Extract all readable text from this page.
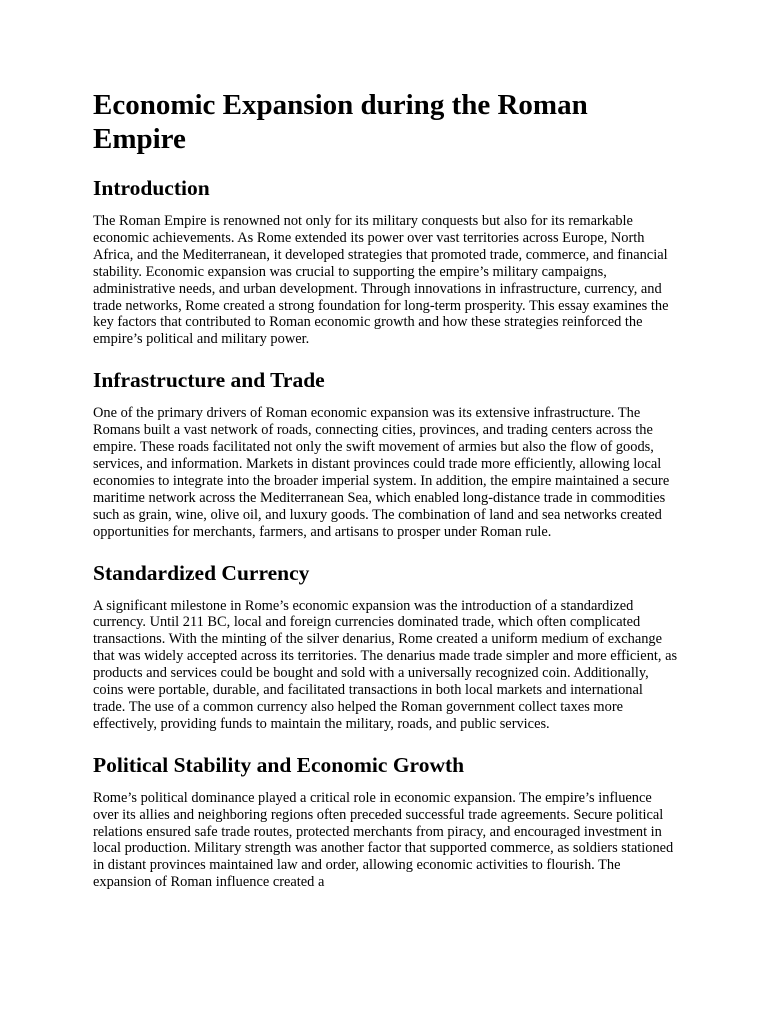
Economic Expansion during the Roman Empire
Introduction

The Roman Empire is renowned not only for its military conquests but also for its remarkable economic achievements. As Rome extended its power over vast territories across Europe, North Africa, and the Mediterranean, it developed strategies that promoted trade, commerce, and financial stability. Economic expansion was crucial to supporting the empire’s military campaigns, administrative needs, and urban development. Through innovations in infrastructure, currency, and trade networks, Rome created a strong foundation for long-term prosperity. This essay examines the key factors that contributed to Roman economic growth and how these strategies reinforced the empire’s political and military power.

Infrastructure and Trade

One of the primary drivers of Roman economic expansion was its extensive infrastructure. The Romans built a vast network of roads, connecting cities, provinces, and trading centers across the empire. These roads facilitated not only the swift movement of armies but also the flow of goods, services, and information. Markets in distant provinces could trade more efficiently, allowing local economies to integrate into the broader imperial system. In addition, the empire maintained a secure maritime network across the Mediterranean Sea, which enabled long-distance trade in commodities such as grain, wine, olive oil, and luxury goods. The combination of land and sea networks created opportunities for merchants, farmers, and artisans to prosper under Roman rule.

Standardized Currency

A significant milestone in Rome’s economic expansion was the introduction of a standardized currency. Until 211 BC, local and foreign currencies dominated trade, which often complicated transactions. With the minting of the silver denarius, Rome created a uniform medium of exchange that was widely accepted across its territories. The denarius made trade simpler and more efficient, as products and services could be bought and sold with a universally recognized coin. Additionally, coins were portable, durable, and facilitated transactions in both local markets and international trade. The use of a common currency also helped the Roman government collect taxes more effectively, providing funds to maintain the military, roads, and public services.

Political Stability and Economic Growth

Rome’s political dominance played a critical role in economic expansion. The empire’s influence over its allies and neighboring regions often preceded successful trade agreements. Secure political relations ensured safe trade routes, protected merchants from piracy, and encouraged investment in local production. Military strength was another factor that supported commerce, as soldiers stationed in distant provinces maintained law and order, allowing economic activities to flourish. The expansion of Roman influence created a
